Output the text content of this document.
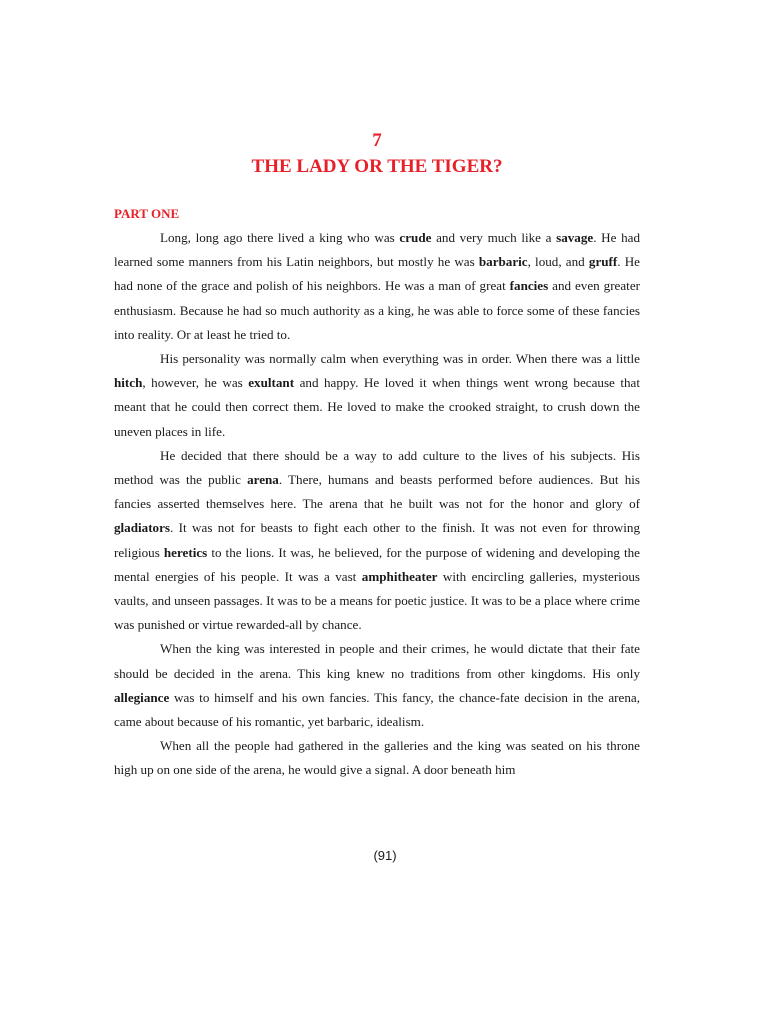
7
THE LADY OR THE TIGER?
PART ONE

Long, long ago there lived a king who was crude and very much like a savage. He had learned some manners from his Latin neighbors, but mostly he was barbaric, loud, and gruff. He had none of the grace and polish of his neighbors. He was a man of great fancies and even greater enthusiasm. Because he had so much authority as a king, he was able to force some of these fancies into reality. Or at least he tried to.

His personality was normally calm when everything was in order. When there was a little hitch, however, he was exultant and happy. He loved it when things went wrong because that meant that he could then correct them. He loved to make the crooked straight, to crush down the uneven places in life.

He decided that there should be a way to add culture to the lives of his subjects. His method was the public arena. There, humans and beasts performed before audiences. But his fancies asserted themselves here. The arena that he built was not for the honor and glory of gladiators. It was not for beasts to fight each other to the finish. It was not even for throwing religious heretics to the lions. It was, he believed, for the purpose of widening and developing the mental energies of his people. It was a vast amphitheater with encircling galleries, mysterious vaults, and unseen passages. It was to be a means for poetic justice. It was to be a place where crime was punished or virtue rewarded-all by chance.

When the king was interested in people and their crimes, he would dictate that their fate should be decided in the arena. This king knew no traditions from other kingdoms. His only allegiance was to himself and his own fancies. This fancy, the chance-fate decision in the arena, came about because of his romantic, yet barbaric, idealism.

When all the people had gathered in the galleries and the king was seated on his throne high up on one side of the arena, he would give a signal. A door beneath him

(91)
